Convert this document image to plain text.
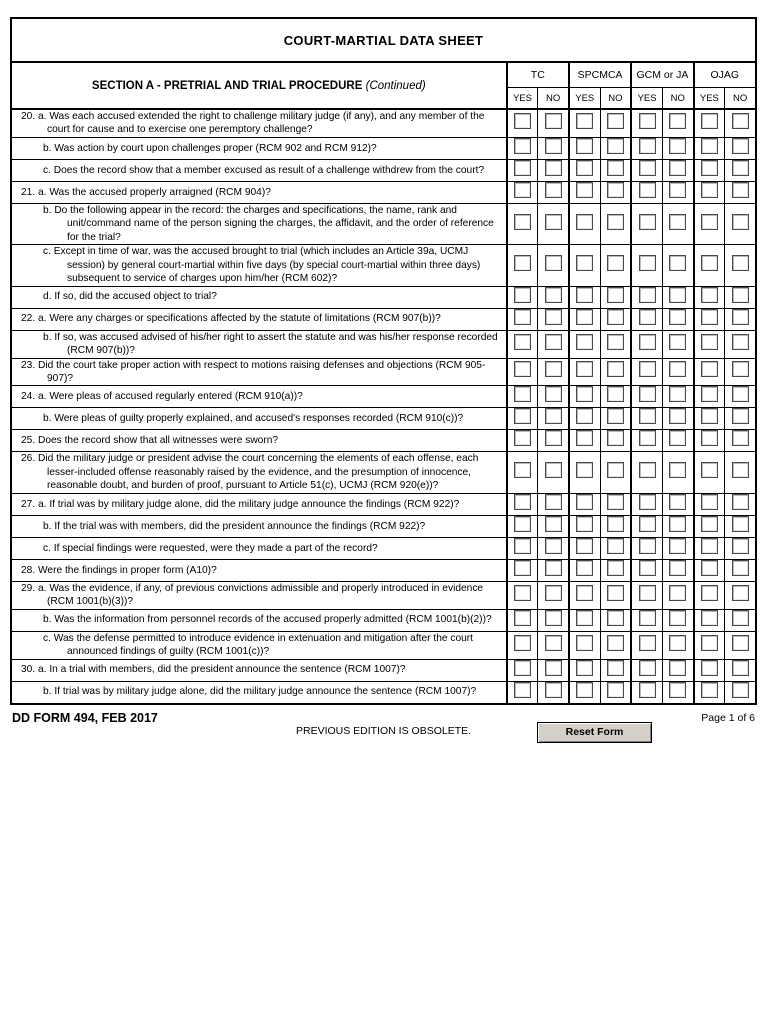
COURT-MARTIAL DATA SHEET								
SECTION A - PRETRIAL AND TRIAL PROCEDURE (Continued)	TC		SPCMCA		GCM or JA		OJAG	
	YES	NO	YES	NO	YES	NO	YES	NO

20. a. Was each accused extended the right to challenge military judge (if any), and any member of the court for cause and to exercise one peremptory challenge?								

b. Was action by court upon challenges proper (RCM 902 and RCM 912)?								

c. Does the record show that a member excused as result of a challenge withdrew from the court?								

21. a. Was the accused properly arraigned (RCM 904)?								

b. Do the following appear in the record: the charges and specifications, the name, rank and unit/command name of the person signing the charges, the affidavit, and the order of reference for the trial?								

c. Except in time of war, was the accused brought to trial (which includes an Article 39a, UCMJ session) by general court-martial within five days (by special court-martial within three days) subsequent to service of charges upon him/her (RCM 602)?								

d. If so, did the accused object to trial?								

22. a. Were any charges or specifications affected by the statute of limitations (RCM 907(b))?								

b. If so, was accused advised of his/her right to assert the statute and was his/her response recorded (RCM 907(b))?								

23. Did the court take proper action with respect to motions raising defenses and objections (RCM 905-907)?								

24. a. Were pleas of accused regularly entered (RCM 910(a))?								

b. Were pleas of guilty properly explained, and accused's responses recorded (RCM 910(c))?								

25. Does the record show that all witnesses were sworn?								

26. Did the military judge or president advise the court concerning the elements of each offense, each lesser-included offense reasonably raised by the evidence, and the presumption of innocence, reasonable doubt, and burden of proof, pursuant to Article 51(c), UCMJ (RCM 920(e))?								

27. a. If trial was by military judge alone, did the military judge announce the findings (RCM 922)?								

b. If the trial was with members, did the president announce the findings (RCM 922)?								

c. If special findings were requested, were they made a part of the record?								

28. Were the findings in proper form (A10)?								

29. a. Was the evidence, if any, of previous convictions admissible and properly introduced in evidence (RCM 1001(b)(3))?								

b. Was the information from personnel records of the accused properly admitted (RCM 1001(b)(2))?								

c. Was the defense permitted to introduce evidence in extenuation and mitigation after the court announced findings of guilty (RCM 1001(c))?								

30. a. In a trial with members, did the president announce the sentence (RCM 1007)?								

b. If trial was by military judge alone, did the military judge announce the sentence (RCM 1007)?								

DD FORM 494, FEB 2017
PREVIOUS EDITION IS OBSOLETE.	Reset Form
Page 1 of 6
